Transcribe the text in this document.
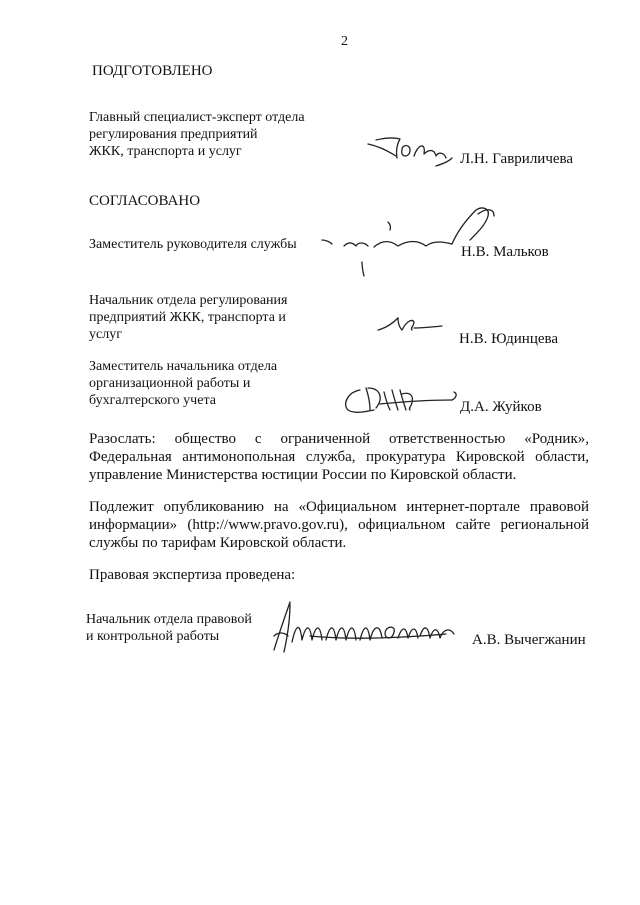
2
ПОДГОТОВЛЕНО
Главный специалист-эксперт отдела
регулирования предприятий
ЖКК, транспорта и услуг	Л.Н. Гавриличева
СОГЛАСОВАНО
Заместитель руководителя службы	Н.В. Мальков
Начальник отдела регулирования
предприятий ЖКК, транспорта и
услуг	Н.В. Юдинцева
Заместитель начальника отдела
организационной работы и
бухгалтерского учета	Д.А. Жуйков
Разослать: общество с ограниченной ответственностью «Родник»,
Федеральная антимонопольная служба, прокуратура Кировской области,
управление Министерства юстиции России по Кировской области.
Подлежит опубликованию на «Официальном интернет-портале правовой
информации» (http://www.pravo.gov.ru), официальном сайте региональной
службы по тарифам Кировской области.
Правовая экспертиза проведена:
Начальник отдела правовой
и контрольной работы	А.В. Вычегжанин
